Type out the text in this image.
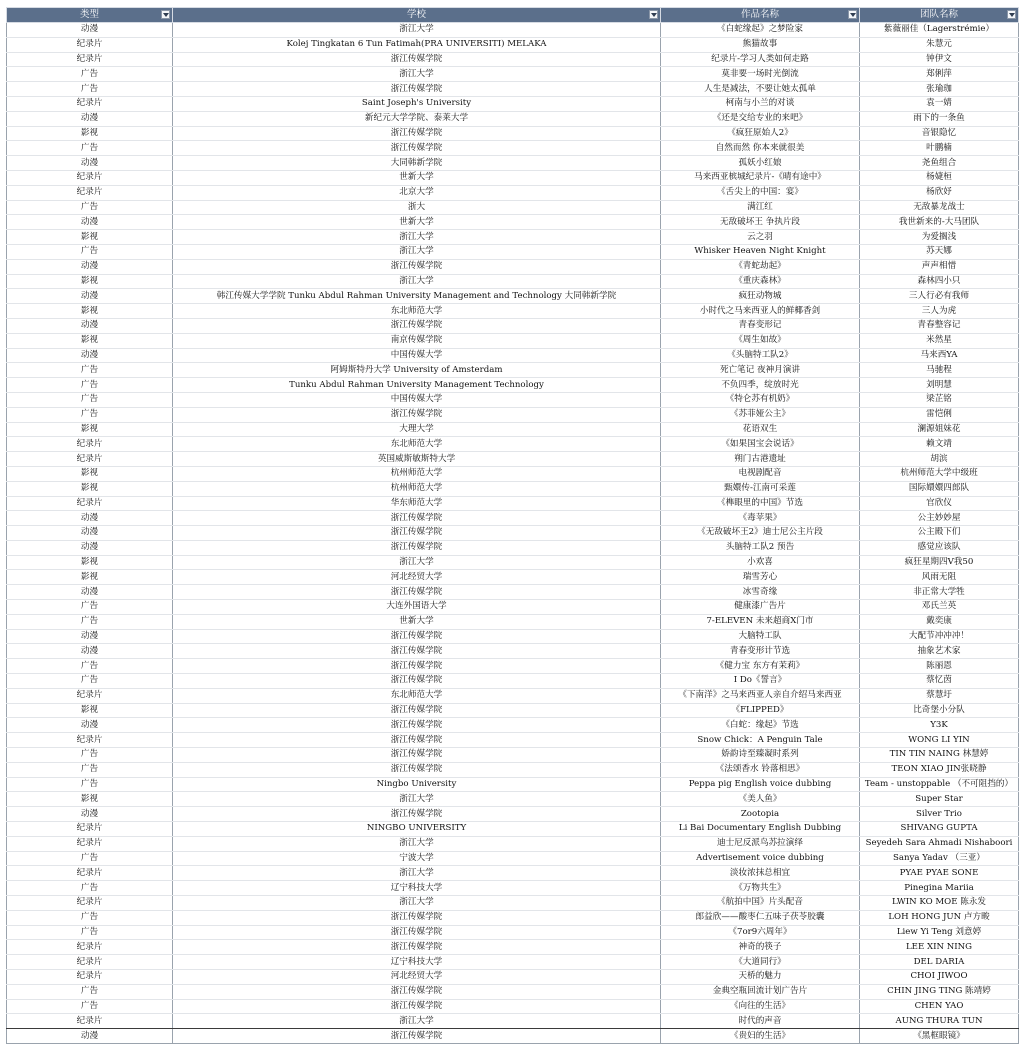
类型	学校	作品名称	团队名称

动漫	浙江大学	《白蛇缘起》之梦险家	紫薇丽佳（Lagerstrémie）
纪录片	Kolej Tingkatan 6 Tun Fatimah(PRA UNIVERSITI) MELAKA	熊猫故事	朱慧元
纪录片	浙江传媒学院	纪录片-学习人类如何走路	钟伊文
广告	浙江大学	莫非要一场时光倒流	郑俐萍
广告	浙江传媒学院	人生是减法，不要让她太孤单	张瑜珈
纪录片	Saint Joseph's University	柯南与小兰的对谈	袁一婧
动漫	新纪元大学学院、泰莱大学	《还是交给专业的来吧》	雨下的一条鱼
影视	浙江传媒学院	《疯狂原始人2》	音银隐忆
广告	浙江传媒学院	自然而然 你本来就很美	叶鹏楠
动漫	大同韩新学院	孤妖小红娘	尧鱼组合
纪录片	世新大学	马来西亚槟城纪录片-《晴有途中》	杨婕桓
纪录片	北京大学	《舌尖上的中国：宴》	杨欣妤
广告	浙大	满江红	无敌暴龙战士
动漫	世新大学	无敌破坏王 争执片段	我世新来的-大马团队
影视	浙江大学	云之羽	为爱搁浅
广告	浙江大学	Whisker Heaven Night Knight	苏天娜
动漫	浙江传媒学院	《青蛇劫起》	声声相惜
影视	浙江大学	《重庆森林》	森林四小只
动漫	韩江传媒大学学院 Tunku Abdul Rahman University Management and Technology 大同韩新学院	疯狂动物城	三人行必有我师
影视	东北师范大学	小时代之马来西亚人的鲜椰香剑	三人为虎
动漫	浙江传媒学院	青春变形记	青春整容记
影视	南京传媒学院	《周生如故》	米然星
动漫	中国传媒大学	《头脑特工队2》	马来西YA
广告	阿姆斯特丹大学 University of Amsterdam	死亡笔记 夜神月演讲	马驰程
广告	Tunku Abdul Rahman University Management Technology	不负四季，绽放时光	刘明慧
广告	中国传媒大学	《特仑苏有机奶》	梁芷铭
广告	浙江传媒学院	《苏菲娅公主》	雷恺俐
影视	大理大学	花语双生	澜源姐妹花
纪录片	东北师范大学	《如果国宝会说话》	赖文靖
纪录片	英国威斯敏斯特大学	朔门古港遗址	胡滨
影视	杭州师范大学	电视剧配音	杭州师范大学中级班
影视	杭州师范大学	甄嬛传-江南可采莲	国际嬛嬛四郎队
纪录片	华东师范大学	《榫眼里的中国》节选	官欣仪
动漫	浙江传媒学院	《毒苹果》	公主妙妙屋
动漫	浙江传媒学院	《无敌破坏王2》迪士尼公主片段	公主殿下们
动漫	浙江传媒学院	头脑特工队2 预告	感觉应该队
影视	浙江大学	小欢喜	疯狂星期四V我50
影视	河北经贸大学	瑞雪芳心	风雨无阻
动漫	浙江传媒学院	冰雪奇缘	非正常大学牲
广告	大连外国语大学	健康漆广告片	邓氏兰英
广告	世新大学	7-ELEVEN 未来超商X门市	戴奕康
动漫	浙江传媒学院	大脑特工队	大配节冲冲冲！
动漫	浙江传媒学院	青春变形计节选	抽象艺术家
广告	浙江传媒学院	《健力宝 东方有茉莉》	陈丽恩
广告	浙江传媒学院	I Do《誓言》	蔡忆茵
纪录片	东北师范大学	《下南洋》之马来西亚人亲自介绍马来西亚	蔡慧圩
影视	浙江传媒学院	《FLIPPED》	比奇堡小分队
动漫	浙江传媒学院	《白蛇：缘起》节选	Y3K
纪录片	浙江传媒学院	Snow Chick：A Penguin Tale	WONG LI YIN
广告	浙江传媒学院	娇韵诗至臻凝时系列	TIN TIN NAING 林慧婷
广告	浙江传媒学院	《法颂香水 铃落相思》	TEON XIAO JIN张晓静
广告	Ningbo University	Peppa pig English voice dubbing	Team - unstoppable （不可阻挡的）
影视	浙江大学	《美人鱼》	Super Star
动漫	浙江传媒学院	Zootopia	Silver Trio
纪录片	NINGBO UNIVERSITY	Li Bai Documentary English Dubbing	SHIVANG GUPTA
纪录片	浙江大学	迪士尼反派鸟苏拉演绎	Seyedeh Sara Ahmadi Nishaboori
广告	宁波大学	Advertisement voice dubbing	Sanya Yadav （三亚）
纪录片	浙江大学	淡妆浓抹总相宜	PYAE PYAE SONE
广告	辽宁科技大学	《万物共生》	Pinegina Mariia
纪录片	浙江大学	《航拍中国》片头配音	LWIN KO MOE 陈永发
广告	浙江传媒学院	郎益欣——酸枣仁五味子茯苓胶囊	LOH HONG JUN 卢方畯
广告	浙江传媒学院	《7or9六周年》	Liew Yi Teng 刘意婷
纪录片	浙江传媒学院	神奇的筷子	LEE XIN NING
纪录片	辽宁科技大学	《大道同行》	DEL DARIA
纪录片	河北经贸大学	天桥的魅力	CHOI JIWOO
广告	浙江传媒学院	金典空瓶回流计划广告片	CHIN JING TING 陈靖婷
广告	浙江传媒学院	《向往的生活》	CHEN YAO
纪录片	浙江大学	时代的声音	AUNG THURA TUN
动漫	浙江传媒学院	《贵妇的生活》	《黑框眼镜》
